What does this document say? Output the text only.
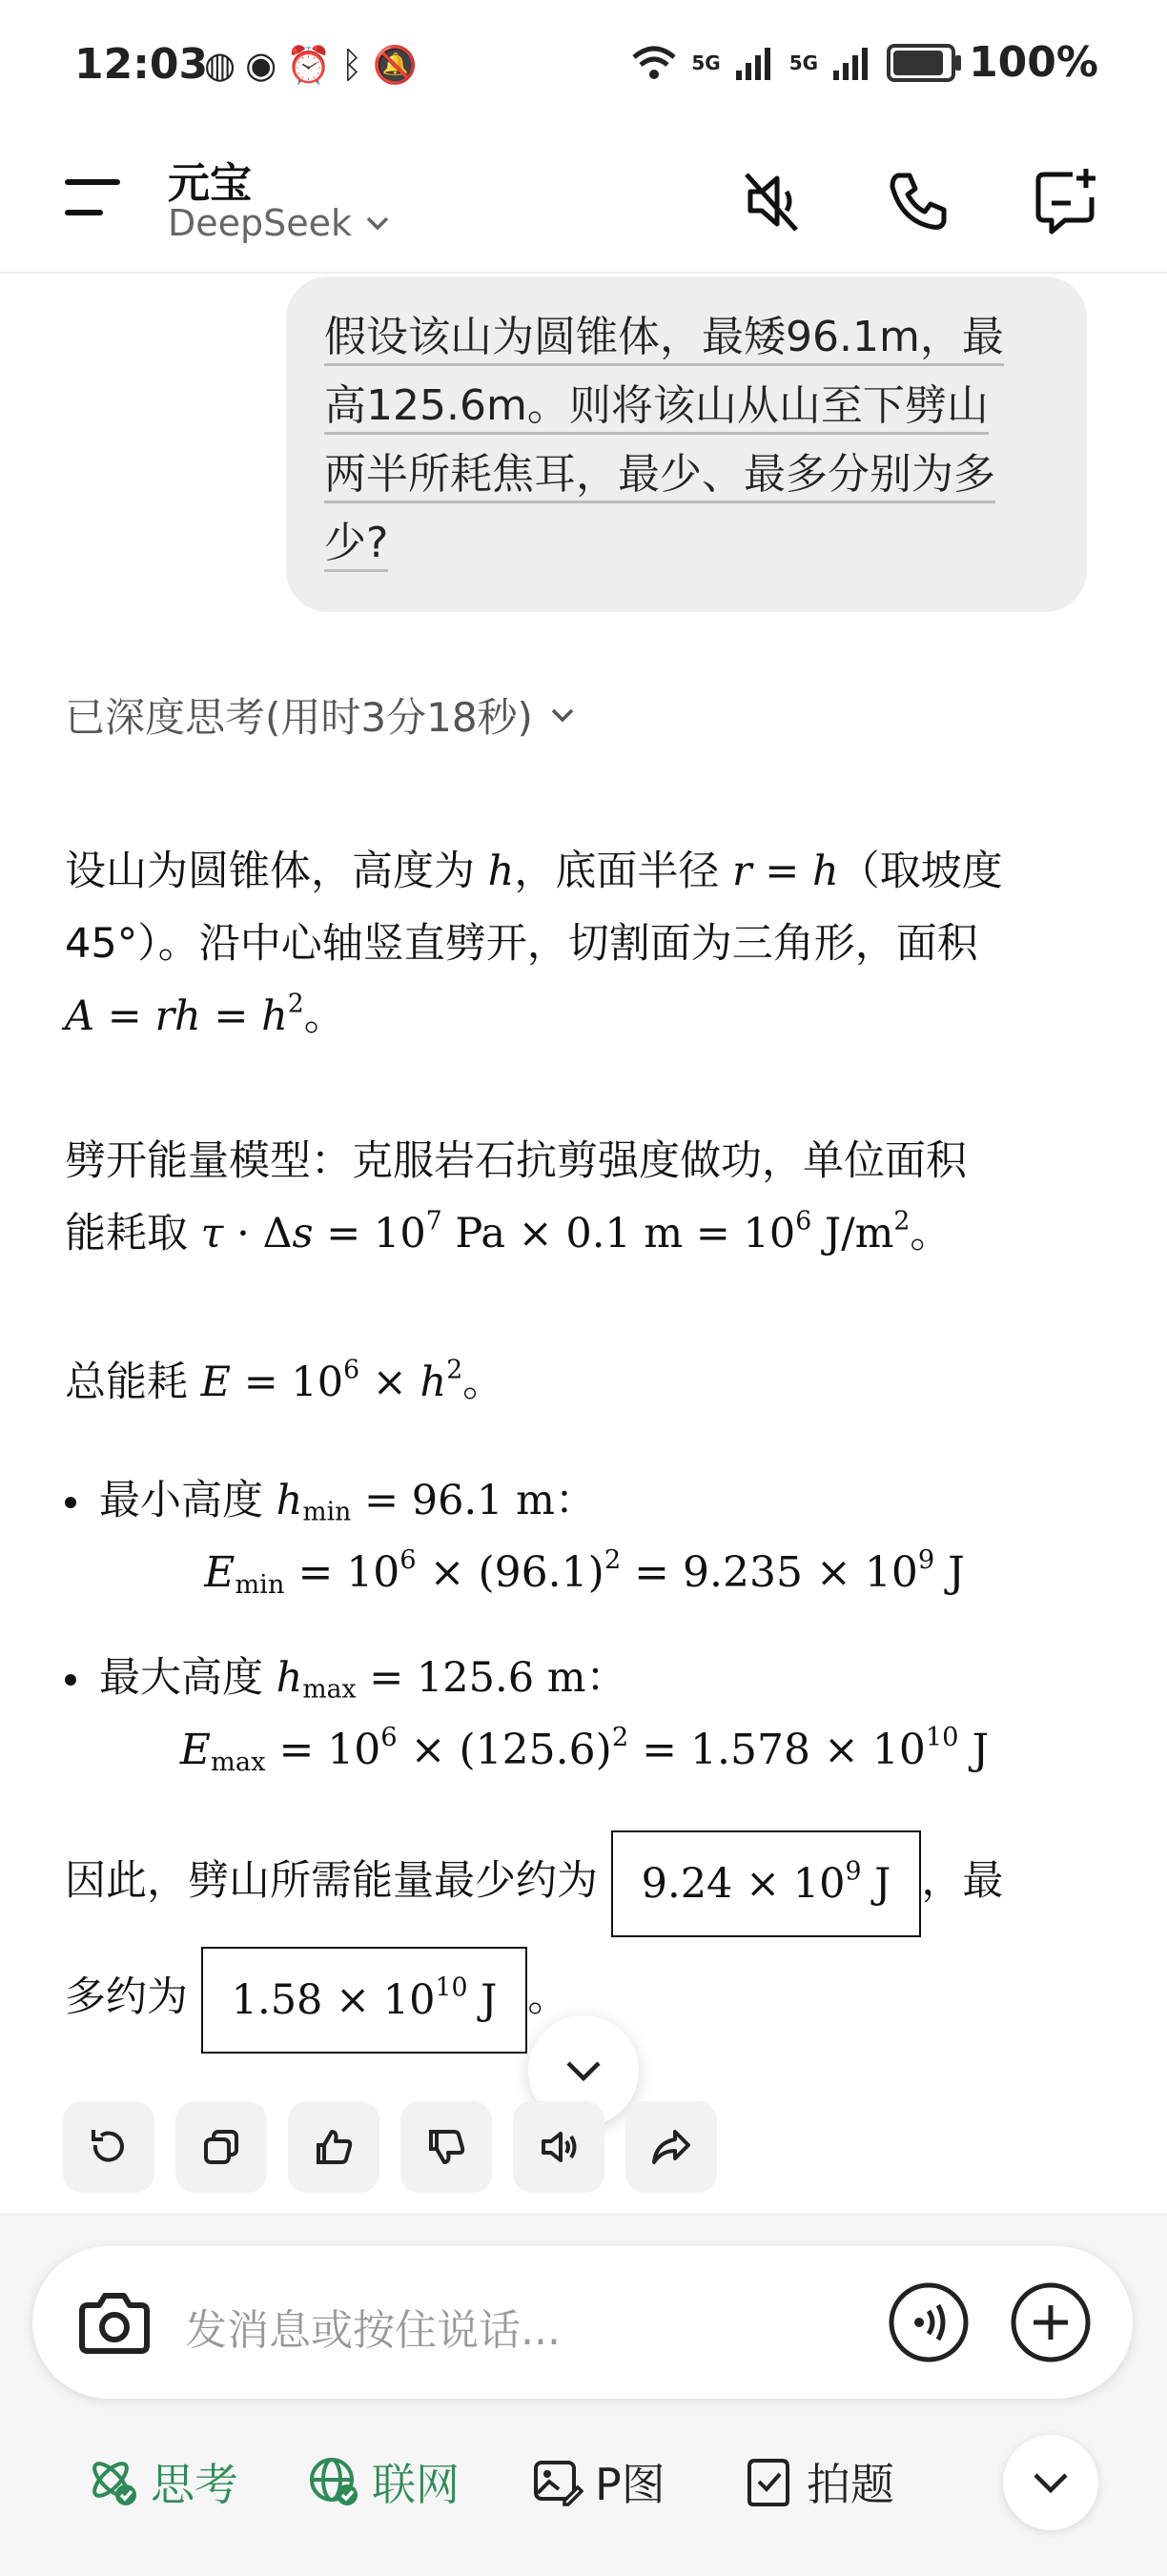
12:03
◍ ◉ ⏰ ᛒ 🔕	5G	5G	100%
元宝
DeepSeek

假设该山为圆锥体，最矮96.1m，最

高125.6m。则将该山从山至下劈山

两半所耗焦耳，最少、最多分别为多

少?

已深度思考(用时3分18秒)

设山为圆锥体，高度为 h，底面半径 r = h（取坡度

45°）。沿中心轴竖直劈开，切割面为三角形，面积

A = rh = $h^2$。

劈开能量模型：克服岩石抗剪强度做功，单位面积

能耗取 $\tau \cdot \Delta s = 10^7$ Pa × 0.1 $m = 10^6$ $J/m^2$。

总能耗 $E = 10^6 \times h^2$。

最小高度 $h_{min} = 96.1$ m：
$E_{min} = 10^6 \times (96.1)^2 = 9.235 \times 10^9$ J
最大高度 $h_{max} = 125.6$ m：
$E_{max} = 10^6 \times (125.6)^2 = 1.578 \times 10^{10}$ J

因此，劈山所需能量最少约为 $9.24 \times 10^9$ J ，最

多约为 $1.58 \times 10^{10}$ J 。

发消息或按住说话...
思考	联网	P图	拍题
